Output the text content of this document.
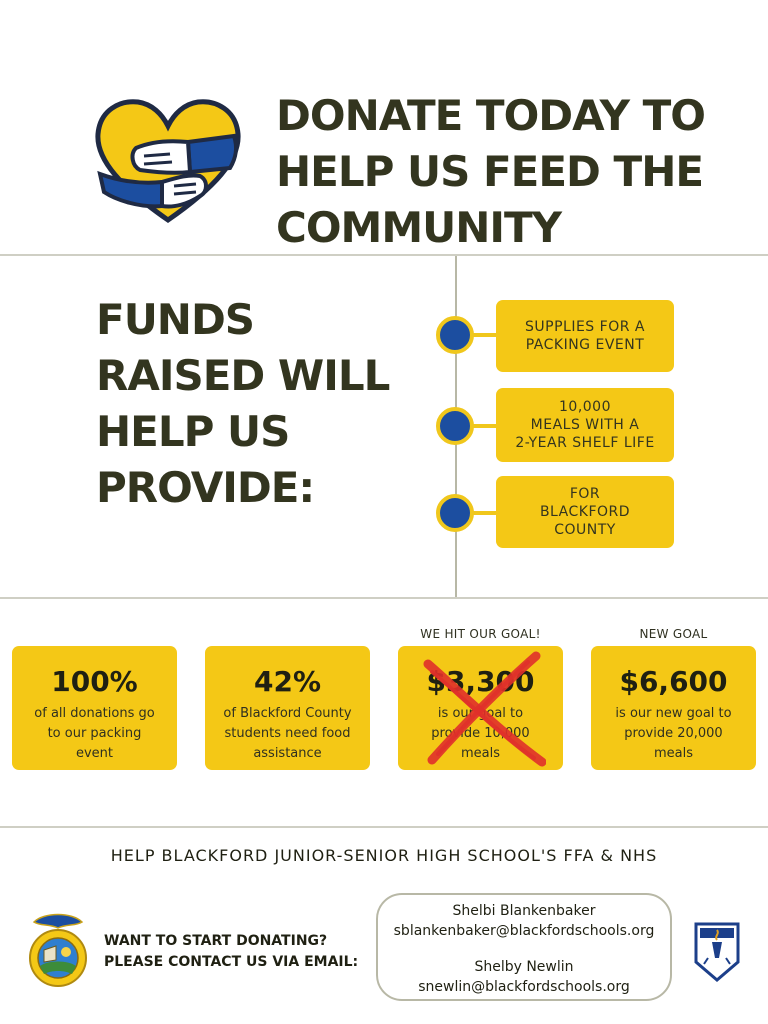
DONATE TODAY TO
HELP US FEED THE
COMMUNITY
FUNDS
RAISED WILL
HELP US
PROVIDE:
SUPPLIES FOR A
PACKING EVENT
10,000
MEALS WITH A
2-YEAR SHELF LIFE
FOR
BLACKFORD
COUNTY
100%
of all donations go
to our packing
event
42%
of Blackford County
students need food
assistance
WE HIT OUR GOAL!
$3,300
is our goal to
provide 10,000
meals
NEW GOAL
$6,600
is our new goal to
provide 20,000
meals
HELP BLACKFORD JUNIOR-SENIOR HIGH SCHOOL'S FFA & NHS
WANT TO START DONATING?
PLEASE CONTACT US VIA EMAIL:
Shelbi Blankenbaker
sblankenbaker@blackfordschools.org
Shelby Newlin
snewlin@blackfordschools.org
